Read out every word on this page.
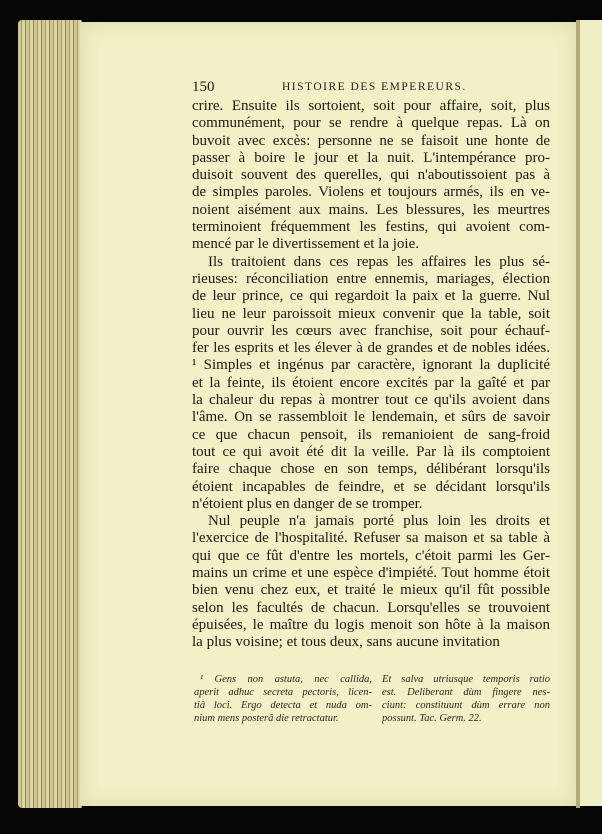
150	HISTOIRE DES EMPEREURS.
crire. Ensuite ils sortoient, soit pour affaire, soit, plus
communément, pour se rendre à quelque repas. Là on
buvoit avec excès: personne ne se faisoit une honte de
passer à boire le jour et la nuit. L'intempérance pro-
duisoit souvent des querelles, qui n'aboutissoient pas à
de simples paroles. Violens et toujours armés, ils en ve-
noient aisément aux mains. Les blessures, les meurtres
terminoient fréquemment les festins, qui avoient com-
mencé par le divertissement et la joie.
Ils traitoient dans ces repas les affaires les plus sé-
rieuses: réconciliation entre ennemis, mariages, élection
de leur prince, ce qui regardoit la paix et la guerre. Nul
lieu ne leur paroissoit mieux convenir que la table, soit
pour ouvrir les cœurs avec franchise, soit pour échauf-
fer les esprits et les élever à de grandes et de nobles idées.
¹ Simples et ingénus par caractère, ignorant la duplicité
et la feinte, ils étoient encore excités par la gaîté et par
la chaleur du repas à montrer tout ce qu'ils avoient dans
l'âme. On se rassembloit le lendemain, et sûrs de savoir
ce que chacun pensoit, ils remanioient de sang-froid
tout ce qui avoit été dit la veille. Par là ils comptoient
faire chaque chose en son temps, délibérant lorsqu'ils
étoient incapables de feindre, et se décidant lorsqu'ils
n'étoient plus en danger de se tromper.
Nul peuple n'a jamais porté plus loin les droits et
l'exercice de l'hospitalité. Refuser sa maison et sa table à
qui que ce fût d'entre les mortels, c'étoit parmi les Ger-
mains un crime et une espèce d'impiété. Tout homme étoit
bien venu chez eux, et traité le mieux qu'il fût possible
selon les facultés de chacun. Lorsqu'elles se trouvoient
épuisées, le maître du logis menoit son hôte à la maison
la plus voisine; et tous deux, sans aucune invitation
¹ Gens non astuta, nec callida,
aperit adhuc secreta pectoris, licen-
tiâ loci. Ergo detecta et nuda om-
nium mens posterâ die retractatur.
Et salva utriusque temporis ratio
est. Deliberant dùm fingere nes-
ciunt: constituunt dùm errare non
possunt. Tac. Germ. 22.
